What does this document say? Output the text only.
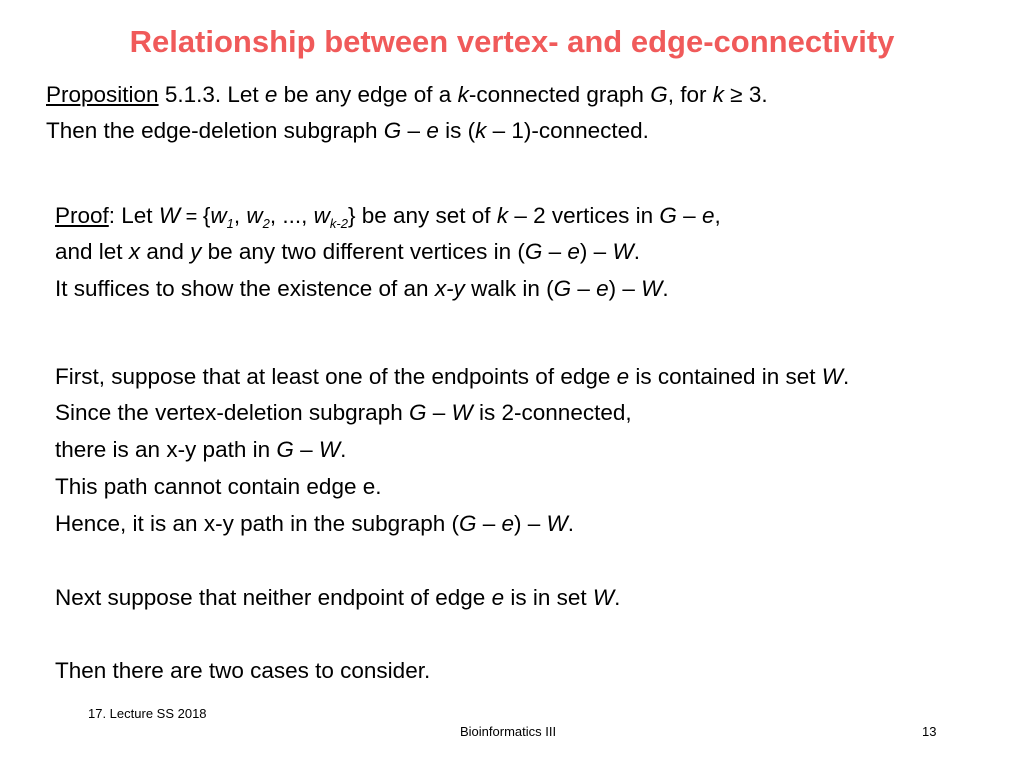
Relationship between vertex- and edge-connectivity
Proposition 5.1.3. Let e be any edge of a k-connected graph G, for k ≥ 3.
Then the edge-deletion subgraph G – e is (k – 1)-connected.
Proof: Let $W = \{w_1$, $w_2$, ..., $w_{k-2}$} be any set of k – 2 vertices in G – e,
and let x and y be any two different vertices in (G – e) – W.
It suffices to show the existence of an x-y walk in (G – e) – W.
First, suppose that at least one of the endpoints of edge e is contained in set W.
Since the vertex-deletion subgraph G – W is 2-connected,
there is an x-y path in G – W.
This path cannot contain edge e.
Hence, it is an x-y path in the subgraph (G – e) – W.
Next suppose that neither endpoint of edge e is in set W.
Then there are two cases to consider.
17. Lecture SS 2018
Bioinformatics III	13
